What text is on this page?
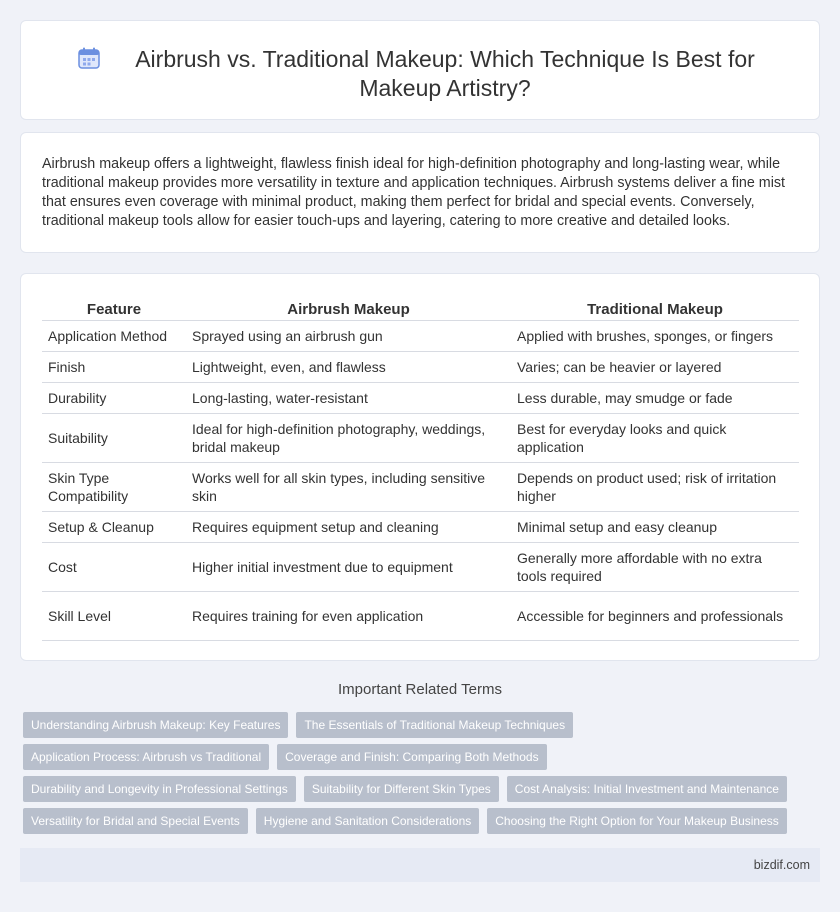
Airbrush vs. Traditional Makeup: Which Technique Is Best for Makeup Artistry?

Airbrush makeup offers a lightweight, flawless finish ideal for high-definition photography and long-lasting wear, while traditional makeup provides more versatility in texture and application techniques. Airbrush systems deliver a fine mist that ensures even coverage with minimal product, making them perfect for bridal and special events. Conversely, traditional makeup tools allow for easier touch-ups and layering, catering to more creative and detailed looks.

Feature	Airbrush Makeup	Traditional Makeup
Application Method	Sprayed using an airbrush gun	Applied with brushes, sponges, or fingers
Finish	Lightweight, even, and flawless	Varies; can be heavier or layered
Durability	Long-lasting, water-resistant	Less durable, may smudge or fade
Suitability	Ideal for high-definition photography, weddings, bridal makeup	Best for everyday looks and quick application
Skin Type Compatibility	Works well for all skin types, including sensitive skin	Depends on product used; risk of irritation higher
Setup & Cleanup	Requires equipment setup and cleaning	Minimal setup and easy cleanup
Cost	Higher initial investment due to equipment	Generally more affordable with no extra tools required
Skill Level	Requires training for even application	Accessible for beginners and professionals
Important Related Terms
Understanding Airbrush Makeup: Key Features	The Essentials of Traditional Makeup Techniques
Application Process: Airbrush vs Traditional	Coverage and Finish: Comparing Both Methods
Durability and Longevity in Professional Settings	Suitability for Different Skin Types	Cost Analysis: Initial Investment and Maintenance
Versatility for Bridal and Special Events	Hygiene and Sanitation Considerations	Choosing the Right Option for Your Makeup Business
bizdif.com
